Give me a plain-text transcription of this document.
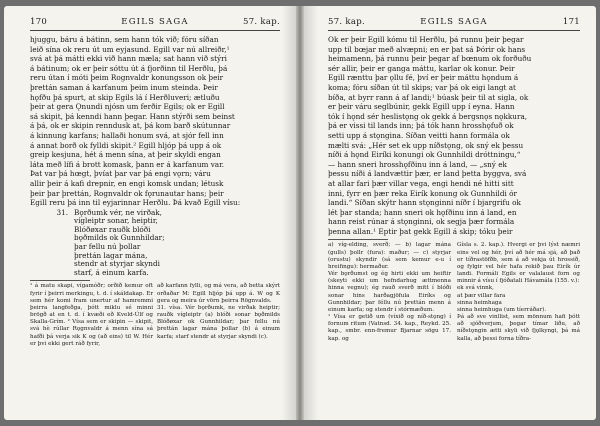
170	EGILS SAGA	57. kap.

hjuggu, báru á bátinn, sem hann tók við; fóru síðan
leið sína ok reru út um eyjasund. Egill var nú allreiðr,¹
svá at þá mátti ekki við hann mæla; sat hann við stýri
á bátinum; ok er þeir sóttu út á fjorðinn til Herðlu, þá
reru útan í móti þeim Rognvaldr konungsson ok þeir
þrettán saman á karfanum þeim inum steinda. Þeir
hǫfðu þá spurt, at skip Egils lá í Herðluveri; ætluðu
þeir at gera Ǫnundi njósn um ferðir Egils; ok er Egill
sá skipit, þá kenndi hann þegar. Hann stýrði sem beinst
á þá, ok er skipin renndusk at, þá kom barð skútunnar
á kinnung karfans; hallaði honum svá, at sjór fell inn
á annat borð ok fylldi skipit.² Egill hljóp þá upp á ok
greip kesjuna, hét á menn sína, at þeir skyldi engan
láta með lífi á brott komask, þann er á karfanum var.
Þat var þá hœgt, þvíat þar var þá engi vǫrn; váru
allir þeir á kafi drepnir, en engi komsk undan; létusk
þeir þar þrettán, Rognvaldr ok fǫrunautar hans; þeir
Egill reru þá inn til eyjarinnar Herðlu. Þá kvað Egill vísu:

31. Bǫrðumk vér, ne virðak,
vígleiptr sonar, heiptir,
Blóðøxar rauðk blóði
bǫðmilds ok Gunnhildar;
þar fellu nú þollar
þrettán lagar mána,
stendr at styrjar skyndi
starf, á einum karfa.
¹ á matu skapi, vígamóðr; orðið kemur oft fyrir í þeirri merkingu, t. d. í skáldakap. Er sem hér komi fram unertur af hamremmi þeirra langfeðga, þótt miklu sé minni brögð at en t. d. í kvæði eð Kveld-Úlf og Skalla-Grím. ² Vísa sem er skipin — skipit, svá hè rúllar Rǫgnvaldr á menn sína sá hafði þá verja sik K og (að eins) til W. Hér er þvi ekki gert ráð fyrir,
að karfann fylli, og má vera, að betta skýrt orðaðar M: Egill hljóp þá upp á. W og K gera og meira úr vörn þeirra Rögnvalds.
31. vísa. Vér bǫrðumk, ne virðak heiptir; rauðk vígleiptr (a) blóði sonar bǫðmilds Blóðøxar ok Gunnhildar; þar fellu nú þrettán lagar mána þollar (b) á einum karfa; starf stendr at styrjar skyndi (c).
57. kap.	EGILS SAGA	171

Ok er þeir Egill kómu til Herðlu, þá runnu þeir þegar
upp til bœjar með alvæpni; en er þat sá Þórir ok hans
heimamenn, þá runnu þeir þegar af bœnum ok forðuðu
sér allir, þeir er ganga máttu, karlar ok konur. Þeir
Egill rænttu þar ǫllu fé, því er þeir máttu hǫndum á
koma; fóru síðan út til skips; var þá ok eigi langt at
bíða, at byrr rann á af landi;¹ búask þeir til at sigla, ok
er þeir váru seglbúnir, gekk Egill upp í eyna. Hann
tók í hǫnd sér heslistǫng ok gekk á bergsnǫs nǫkkura,
þá er vissi til lands inn; þá tók hann hrosshǫfuð ok
setti upp á stǫngina. Síðan veitti hann formála ok
mælti svá: „Hér set ek upp níðstǫng, ok sný ek þessu
níði á hǫnd Eiríki konungi ok Gunnhildi dróttningu,“
— hann sneri hrosshǫfðinu inn á land, — „sný ek
þessu níði á landvættir þær, er land þetta byggva, svá
at allar fari þær villar vega, engi hendi né hitti sitt
inni, fyrr en þær reka Eirík konung ok Gunnhildi ór
landi.“ Síðan skýtr hann stǫnginni níðr í bjargrifu ok
lét þar standa; hann sneri ok hǫfðinu inn á land, en
hann reist rúnar á stǫnginni, ok segja þær formála
þenna allan.¹ Eptir þat gekk Egill á skip; tóku þeir

a) víg-elding, sverð; — b) lagar mána (gulls) þollr (fura): maður; — c) styrjar (orustu) skyndir (sá sem kemur e-u í hreifingu): hermaður.
Vér bǫrðumst og ég hirti ekki um heiftir (skeyti ekki um hefndarhug ættmenna hinna vegnu); ég rauð sverð mitt í blóði sonar hins harðagjöfula Eiríks og Gunnhildar; þar féllu nú þrettán menn á einum karfa; og stendr í stórmæðum.
¹ Vísa er getið um (víxið og níð-stǫng) í fornum ritum (Vatnsd. 34. kap., Reykd. 25. kap., smbr. enn-fremur Bjarnar sögu 17. kap. og
Gísla s. 2. kap.). Hvergi er þvi lýst næmri eins vel og hér, því að hér má sjá, að það er tíðrastöfðb, sem á að vekja út hrossið, og fylgir vel hér hafa rekið þau Eirík úr landi. Formáli Egils er valalaust forn og minnir á vísu í fjóðatali Hávamála (155. v.):
ek svá vinnk,
at þær villar fara
sinna heimhaga
sinna heimhuga (um tíerráðar).
Þá að sve vinllist, sem mönnum hafi þótt að sjóðverjum, þegar tímar liðu, að níðstǫngin ætti skyli við fjǫlkyngi, þá má kalla, að þessi forna tíðra-
